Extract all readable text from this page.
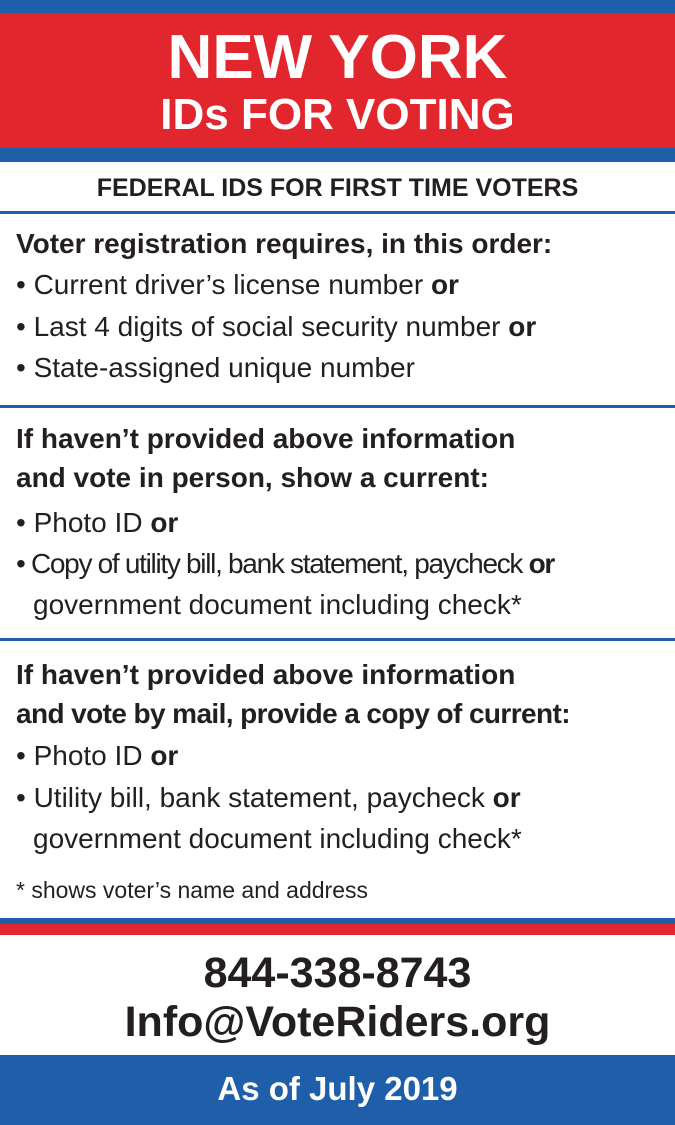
NEW YORK
IDs FOR VOTING
FEDERAL IDS FOR FIRST TIME VOTERS
Voter registration requires, in this order:
• Current driver’s license number or
• Last 4 digits of social security number or
• State-assigned unique number
If haven’t provided above information
and vote in person, show a current:
• Photo ID or
• Copy of utility bill, bank statement, paycheck or
government document including check*
If haven’t provided above information
and vote by mail, provide a copy of current:
• Photo ID or
• Utility bill, bank statement, paycheck or
government document including check*
* shows voter’s name and address
844-338-8743
Info@VoteRiders.org
As of July 2019
